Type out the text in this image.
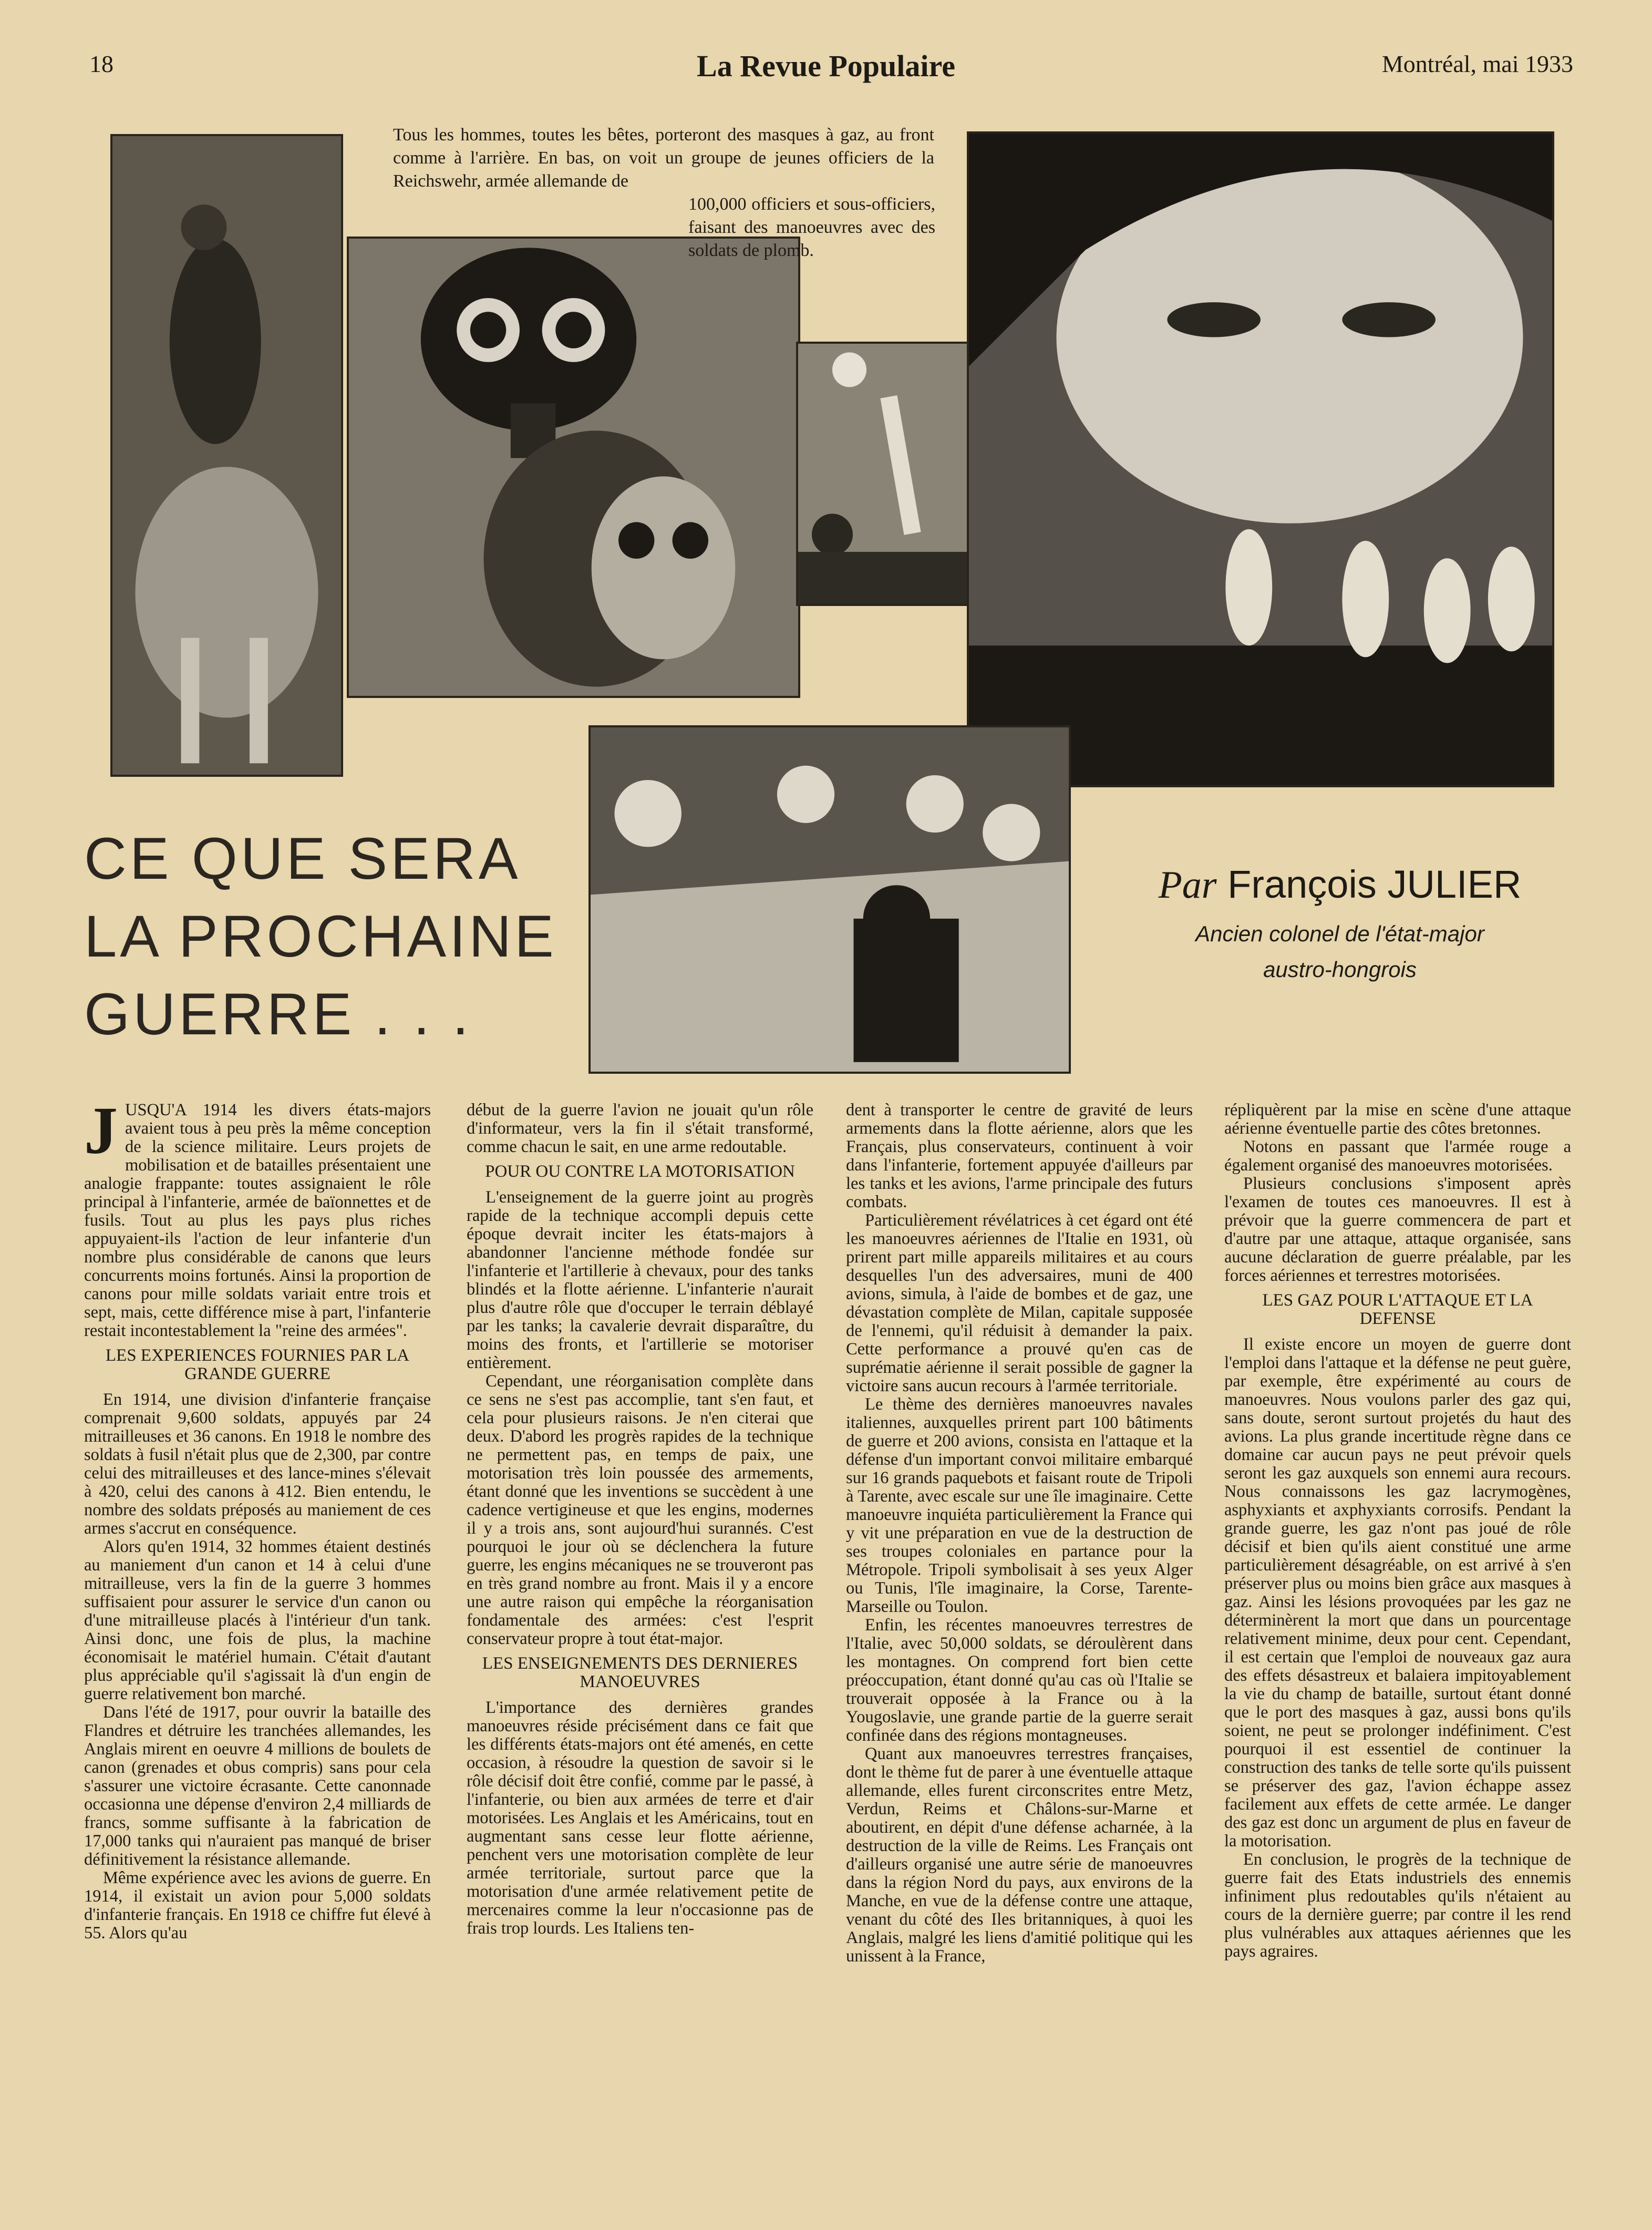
18	La Revue Populaire	Montréal, mai 1933
Tous les hommes, toutes les bêtes, porteront des masques à gaz, au front comme à l'arrière. En bas, on voit un groupe de jeunes officiers de la Reichswehr, armée allemande de
100,000 officiers et sous-officiers, faisant des manoeuvres avec des soldats de plomb.
CE QUE SERA
LA PROCHAINE
GUERRE . . .
Par François JULIER
Ancien colonel de l'état-major
austro-hongrois

JUSQU'A 1914 les divers états-majors avaient tous à peu près la même conception de la science militaire. Leurs projets de mobilisation et de batailles présentaient une analogie frappante: toutes assignaient le rôle principal à l'infanterie, armée de baïonnettes et de fusils. Tout au plus les pays plus riches appuyaient-ils l'action de leur infanterie d'un nombre plus considérable de canons que leurs concurrents moins fortunés. Ainsi la proportion de canons pour mille soldats variait entre trois et sept, mais, cette différence mise à part, l'infanterie restait incontestablement la "reine des armées".

LES EXPERIENCES FOURNIES PAR LA GRANDE GUERRE

En 1914, une division d'infanterie française comprenait 9,600 soldats, appuyés par 24 mitrailleuses et 36 canons. En 1918 le nombre des soldats à fusil n'était plus que de 2,300, par contre celui des mitrailleuses et des lance-mines s'élevait à 420, celui des canons à 412. Bien entendu, le nombre des soldats préposés au maniement de ces armes s'accrut en conséquence.

Alors qu'en 1914, 32 hommes étaient destinés au maniement d'un canon et 14 à celui d'une mitrailleuse, vers la fin de la guerre 3 hommes suffisaient pour assurer le service d'un canon ou d'une mitrailleuse placés à l'intérieur d'un tank. Ainsi donc, une fois de plus, la machine économisait le matériel humain. C'était d'autant plus appréciable qu'il s'agissait là d'un engin de guerre relativement bon marché.

Dans l'été de 1917, pour ouvrir la bataille des Flandres et détruire les tranchées allemandes, les Anglais mirent en oeuvre 4 millions de boulets de canon (grenades et obus compris) sans pour cela s'assurer une victoire écrasante. Cette canonnade occasionna une dépense d'environ 2,4 milliards de francs, somme suffisante à la fabrication de 17,000 tanks qui n'auraient pas manqué de briser définitivement la résistance allemande.

Même expérience avec les avions de guerre. En 1914, il existait un avion pour 5,000 soldats d'infanterie français. En 1918 ce chiffre fut élevé à 55. Alors qu'au

début de la guerre l'avion ne jouait qu'un rôle d'informateur, vers la fin il s'était transformé, comme chacun le sait, en une arme redoutable.

POUR OU CONTRE LA MOTORISATION

L'enseignement de la guerre joint au progrès rapide de la technique accompli depuis cette époque devrait inciter les états-majors à abandonner l'ancienne méthode fondée sur l'infanterie et l'artillerie à chevaux, pour des tanks blindés et la flotte aérienne. L'infanterie n'aurait plus d'autre rôle que d'occuper le terrain déblayé par les tanks; la cavalerie devrait disparaître, du moins des fronts, et l'artillerie se motoriser entièrement.

Cependant, une réorganisation complète dans ce sens ne s'est pas accomplie, tant s'en faut, et cela pour plusieurs raisons. Je n'en citerai que deux. D'abord les progrès rapides de la technique ne permettent pas, en temps de paix, une motorisation très loin poussée des armements, étant donné que les inventions se succèdent à une cadence vertigineuse et que les engins, modernes il y a trois ans, sont aujourd'hui surannés. C'est pourquoi le jour où se déclenchera la future guerre, les engins mécaniques ne se trouveront pas en très grand nombre au front. Mais il y a encore une autre raison qui empêche la réorganisation fondamentale des armées: c'est l'esprit conservateur propre à tout état-major.

LES ENSEIGNEMENTS DES DERNIERES MANOEUVRES

L'importance des dernières grandes manoeuvres réside précisément dans ce fait que les différents états-majors ont été amenés, en cette occasion, à résoudre la question de savoir si le rôle décisif doit être confié, comme par le passé, à l'infanterie, ou bien aux armées de terre et d'air motorisées. Les Anglais et les Américains, tout en augmentant sans cesse leur flotte aérienne, penchent vers une motorisation complète de leur armée territoriale, surtout parce que la motorisation d'une armée relativement petite de mercenaires comme la leur n'occasionne pas de frais trop lourds. Les Italiens ten-

dent à transporter le centre de gravité de leurs armements dans la flotte aérienne, alors que les Français, plus conservateurs, continuent à voir dans l'infanterie, fortement appuyée d'ailleurs par les tanks et les avions, l'arme principale des futurs combats.

Particulièrement révélatrices à cet égard ont été les manoeuvres aériennes de l'Italie en 1931, où prirent part mille appareils militaires et au cours desquelles l'un des adversaires, muni de 400 avions, simula, à l'aide de bombes et de gaz, une dévastation complète de Milan, capitale supposée de l'ennemi, qu'il réduisit à demander la paix. Cette performance a prouvé qu'en cas de suprématie aérienne il serait possible de gagner la victoire sans aucun recours à l'armée territoriale.

Le thème des dernières manoeuvres navales italiennes, auxquelles prirent part 100 bâtiments de guerre et 200 avions, consista en l'attaque et la défense d'un important convoi militaire embarqué sur 16 grands paquebots et faisant route de Tripoli à Tarente, avec escale sur une île imaginaire. Cette manoeuvre inquiéta particulièrement la France qui y vit une préparation en vue de la destruction de ses troupes coloniales en partance pour la Métropole. Tripoli symbolisait à ses yeux Alger ou Tunis, l'île imaginaire, la Corse, Tarente-Marseille ou Toulon.

Enfin, les récentes manoeuvres terrestres de l'Italie, avec 50,000 soldats, se déroulèrent dans les montagnes. On comprend fort bien cette préoccupation, étant donné qu'au cas où l'Italie se trouverait opposée à la France ou à la Yougoslavie, une grande partie de la guerre serait confinée dans des régions montagneuses.

Quant aux manoeuvres terrestres françaises, dont le thème fut de parer à une éventuelle attaque allemande, elles furent circonscrites entre Metz, Verdun, Reims et Châlons-sur-Marne et aboutirent, en dépit d'une défense acharnée, à la destruction de la ville de Reims. Les Français ont d'ailleurs organisé une autre série de manoeuvres dans la région Nord du pays, aux environs de la Manche, en vue de la défense contre une attaque, venant du côté des Iles britanniques, à quoi les Anglais, malgré les liens d'amitié politique qui les unissent à la France,

répliquèrent par la mise en scène d'une attaque aérienne éventuelle partie des côtes bretonnes.

Notons en passant que l'armée rouge a également organisé des manoeuvres motorisées.

Plusieurs conclusions s'imposent après l'examen de toutes ces manoeuvres. Il est à prévoir que la guerre commencera de part et d'autre par une attaque, attaque organisée, sans aucune déclaration de guerre préalable, par les forces aériennes et terrestres motorisées.

LES GAZ POUR L'ATTAQUE ET LA DEFENSE

Il existe encore un moyen de guerre dont l'emploi dans l'attaque et la défense ne peut guère, par exemple, être expérimenté au cours de manoeuvres. Nous voulons parler des gaz qui, sans doute, seront surtout projetés du haut des avions. La plus grande incertitude règne dans ce domaine car aucun pays ne peut prévoir quels seront les gaz auxquels son ennemi aura recours. Nous connaissons les gaz lacrymogènes, asphyxiants et axphyxiants corrosifs. Pendant la grande guerre, les gaz n'ont pas joué de rôle décisif et bien qu'ils aient constitué une arme particulièrement désagréable, on est arrivé à s'en préserver plus ou moins bien grâce aux masques à gaz. Ainsi les lésions provoquées par les gaz ne déterminèrent la mort que dans un pourcentage relativement minime, deux pour cent. Cependant, il est certain que l'emploi de nouveaux gaz aura des effets désastreux et balaiera impitoyablement la vie du champ de bataille, surtout étant donné que le port des masques à gaz, aussi bons qu'ils soient, ne peut se prolonger indéfiniment. C'est pourquoi il est essentiel de continuer la construction des tanks de telle sorte qu'ils puissent se préserver des gaz, l'avion échappe assez facilement aux effets de cette armée. Le danger des gaz est donc un argument de plus en faveur de la motorisation.

En conclusion, le progrès de la technique de guerre fait des Etats industriels des ennemis infiniment plus redoutables qu'ils n'étaient au cours de la dernière guerre; par contre il les rend plus vulnérables aux attaques aériennes que les pays agraires.
